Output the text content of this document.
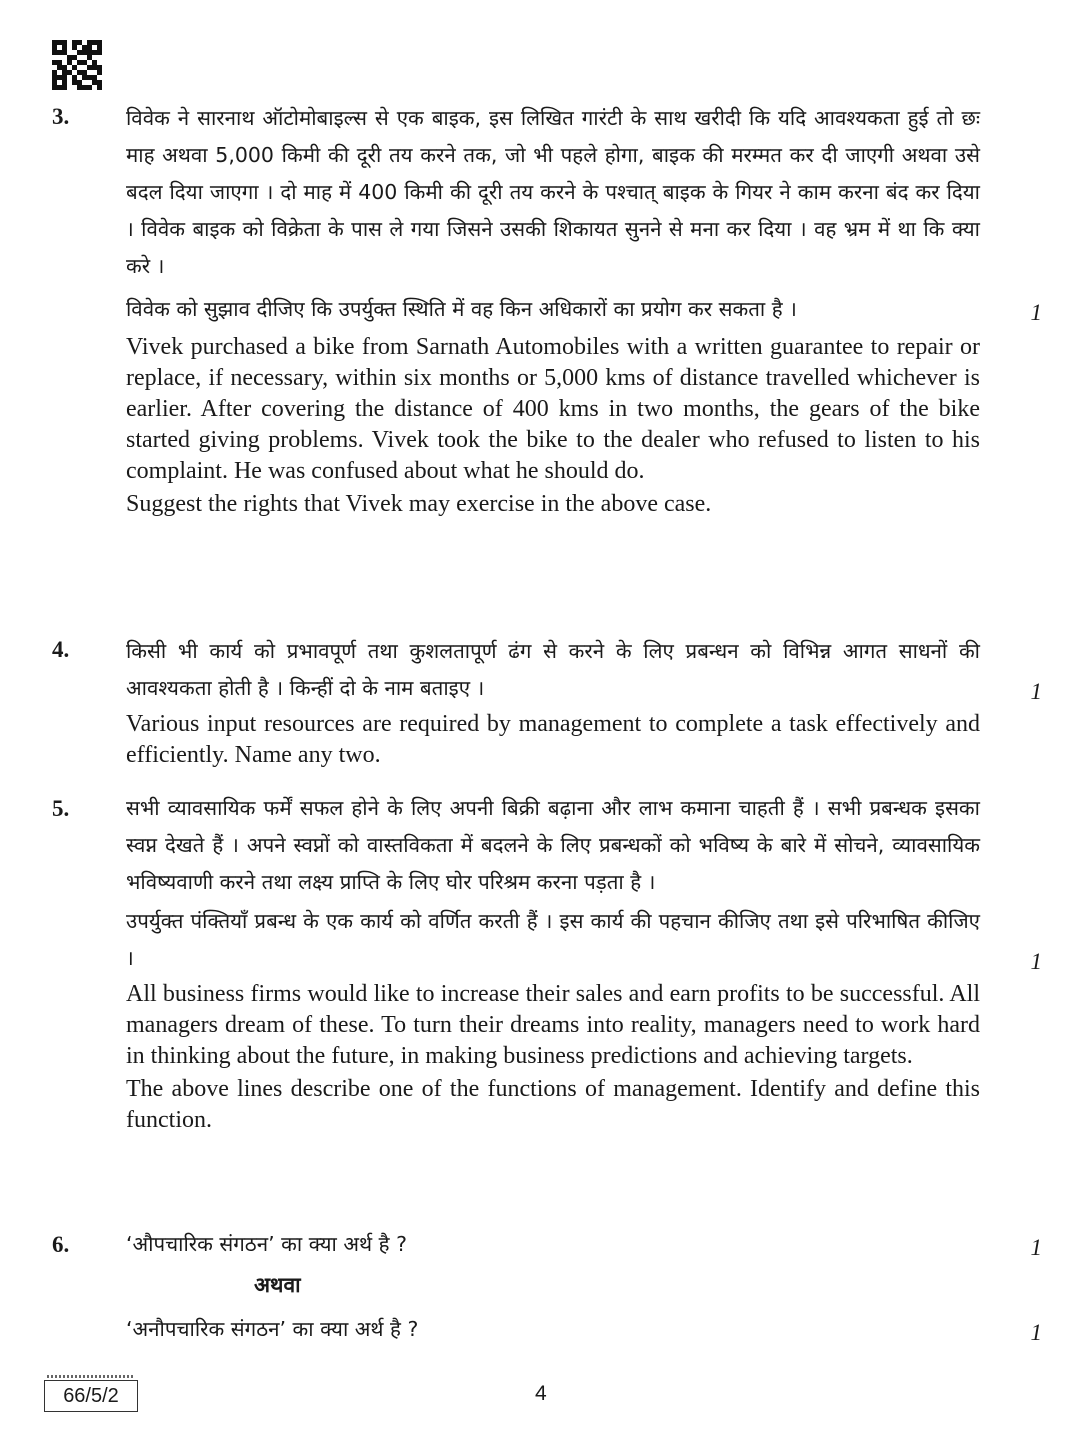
3.	विवेक ने सारनाथ ऑटोमोबाइल्स से एक बाइक, इस लिखित गारंटी के साथ खरीदी कि यदि आवश्यकता हुई तो छः माह अथवा 5,000 किमी की दूरी तय करने तक, जो भी पहले होगा, बाइक की मरम्मत कर दी जाएगी अथवा उसे बदल दिया जाएगा । दो माह में 400 किमी की दूरी तय करने के पश्चात् बाइक के गियर ने काम करना बंद कर दिया । विवेक बाइक को विक्रेता के पास ले गया जिसने उसकी शिकायत सुनने से मना कर दिया । वह भ्रम में था कि क्या करे ।

विवेक को सुझाव दीजिए कि उपर्युक्त स्थिति में वह किन अधिकारों का प्रयोग कर सकता है ।	1

Vivek purchased a bike from Sarnath Automobiles with a written guarantee to repair or replace, if necessary, within six months or 5,000 kms of distance travelled whichever is earlier. After covering the distance of 400 kms in two months, the gears of the bike started giving problems. Vivek took the bike to the dealer who refused to listen to his complaint. He was confused about what he should do.

Suggest the rights that Vivek may exercise in the above case.

4.	किसी भी कार्य को प्रभावपूर्ण तथा कुशलतापूर्ण ढंग से करने के लिए प्रबन्धन को विभिन्न आगत साधनों की आवश्यकता होती है । किन्हीं दो के नाम बताइए ।	1

Various input resources are required by management to complete a task effectively and efficiently. Name any two.

5.	सभी व्यावसायिक फर्में सफल होने के लिए अपनी बिक्री बढ़ाना और लाभ कमाना चाहती हैं । सभी प्रबन्धक इसका स्वप्न देखते हैं । अपने स्वप्नों को वास्तविकता में बदलने के लिए प्रबन्धकों को भविष्य के बारे में सोचने, व्यावसायिक भविष्यवाणी करने तथा लक्ष्य प्राप्ति के लिए घोर परिश्रम करना पड़ता है ।

उपर्युक्त पंक्तियाँ प्रबन्ध के एक कार्य को वर्णित करती हैं । इस कार्य की पहचान कीजिए तथा इसे परिभाषित कीजिए ।	1

All business firms would like to increase their sales and earn profits to be successful. All managers dream of these. To turn their dreams into reality, managers need to work hard in thinking about the future, in making business predictions and achieving targets.

The above lines describe one of the functions of management. Identify and define this function.

6.	‘औपचारिक संगठन’ का क्या अर्थ है ?	1
अथवा

‘अनौपचारिक संगठन’ का क्या अर्थ है ?	1
66/5/2	4
